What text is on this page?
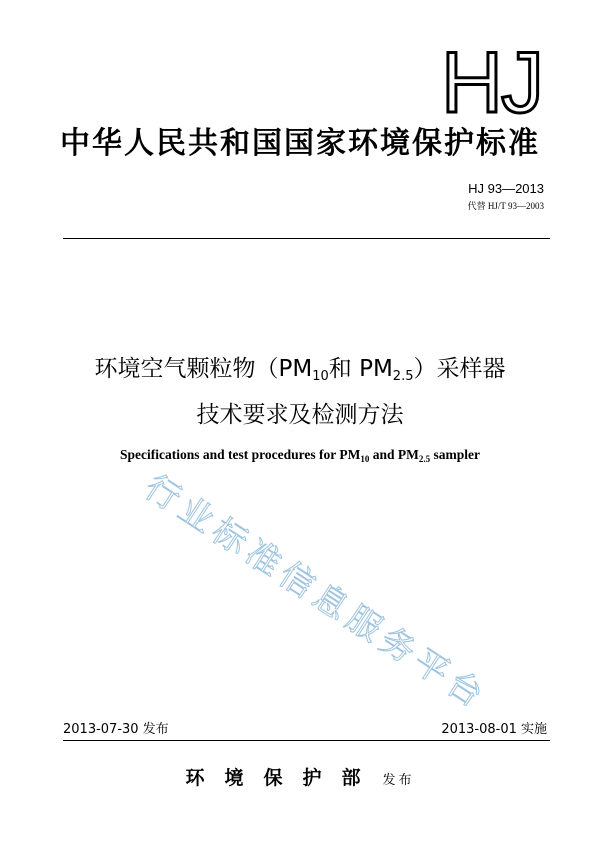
HJ
中华人民共和国国家环境保护标准
HJ 93—2013
代替 HJ/T 93—2003
环境空气颗粒物（$PM_{10}$和 $PM_{2.5}$）采样器
技术要求及检测方法
Specifications and test procedures for $PM_{10}$ and $PM_{2.5}$ sampler
行业标准信息服务平台
2013-07-30 发布	2013-08-01 实施
环境保护部 发布
